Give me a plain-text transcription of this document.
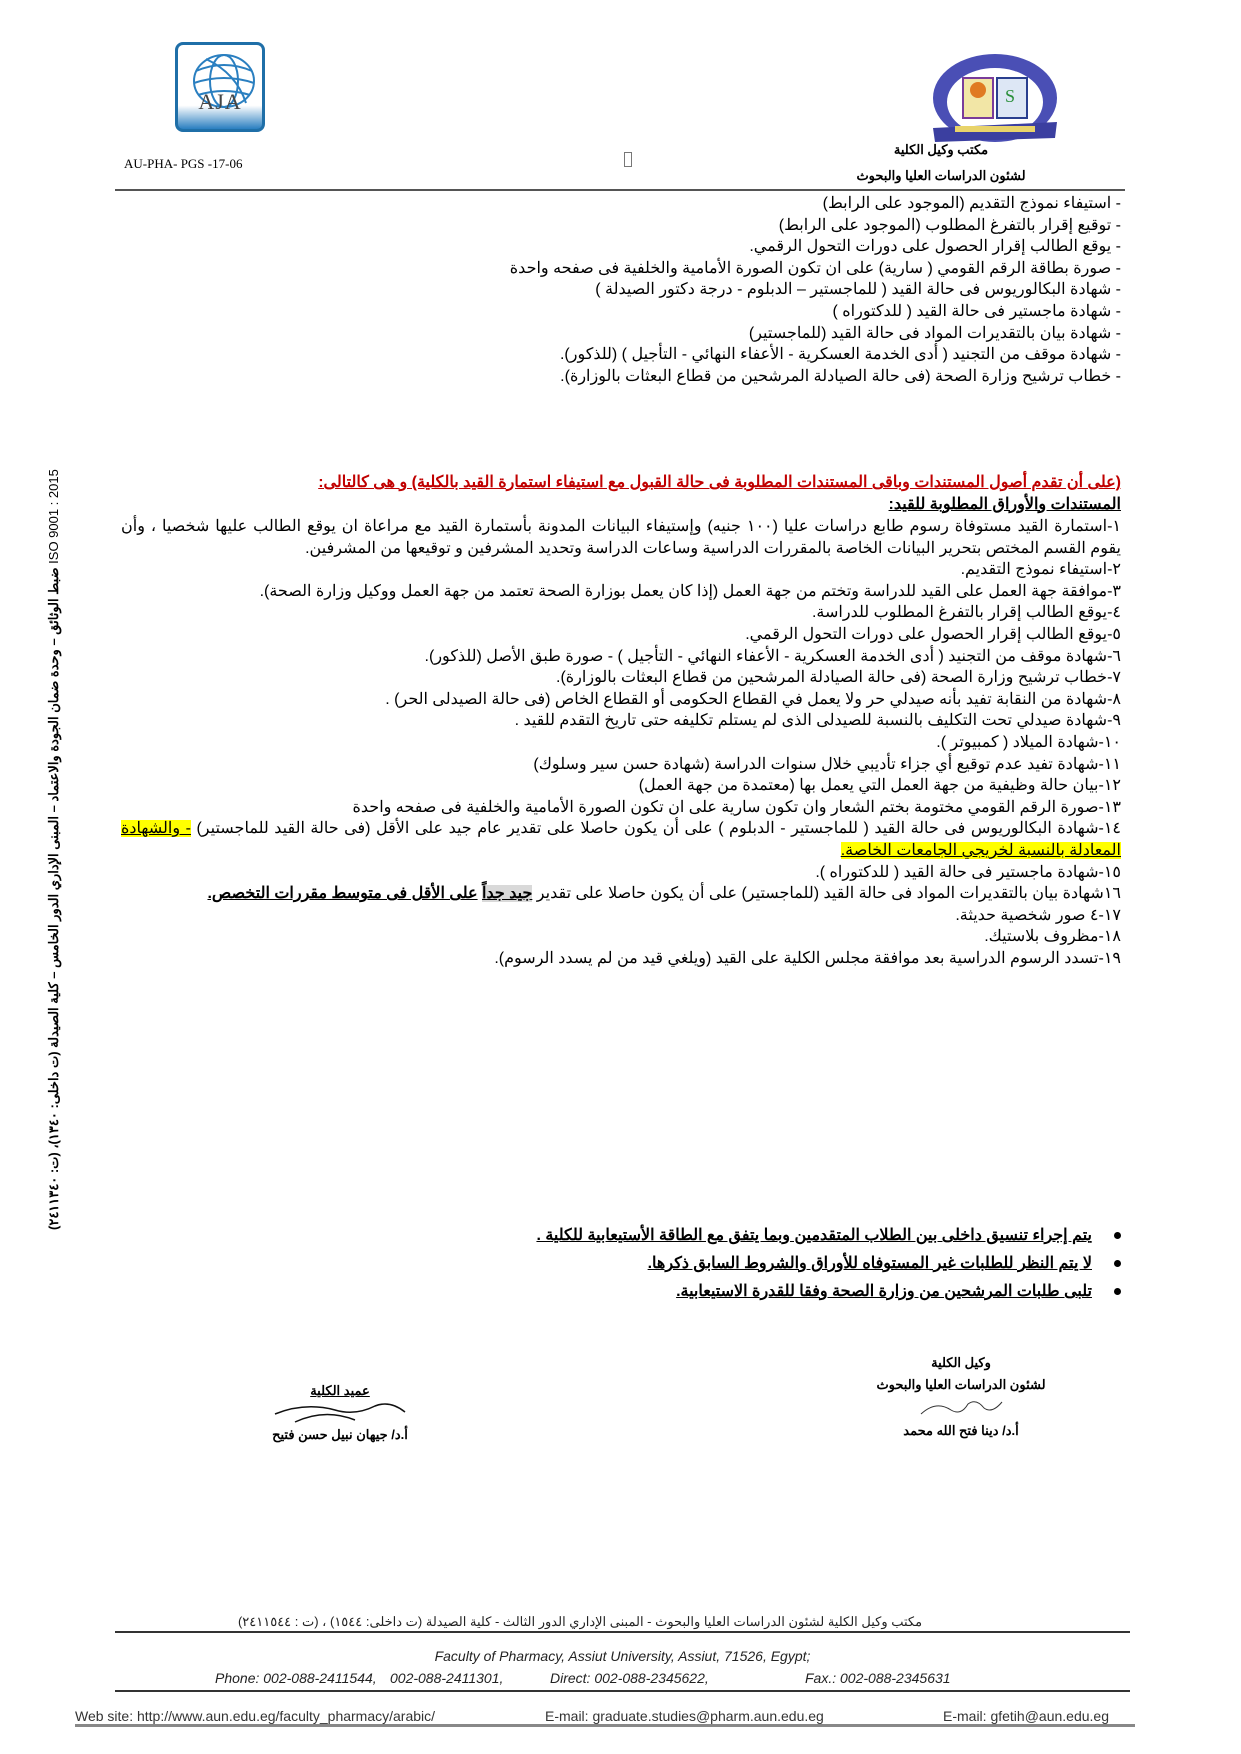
AJA
AU-PHA- PGS -17-06
S
مكتب وكيل الكلية
لشئون الدراسات العليا والبحوث
ISO 9001 : 2015 ضبط الوثائق – وحدة ضمان الجودة والاعتماد – المبنى الإداري الدور الخامس – كلية الصيدلة (ت داخلى: ١٣٤٠)، (ت: ٢٤١١٣٤٠)
- استيفاء نموذج التقديم (الموجود على الرابط)
- توقيع إقرار بالتفرغ المطلوب (الموجود على الرابط)
- يوقع الطالب إقرار الحصول على دورات التحول الرقمي.
- صورة بطاقة الرقم القومي ( سارية) على ان تكون الصورة الأمامية والخلفية فى صفحه واحدة
- شهادة البكالوريوس فى حالة القيد ( للماجستير – الدبلوم - درجة دكتور الصيدلة )
- شهادة ماجستير فى حالة القيد ( للدكتوراه )
- شهادة بيان بالتقديرات المواد فى حالة القيد (للماجستير)
- شهادة موقف من التجنيد ( أدى الخدمة العسكرية - الأعفاء النهائي - التأجيل ) (للذكور).
- خطاب ترشيح وزارة الصحة (فى حالة الصيادلة المرشحين من قطاع البعثات بالوزارة).
(على أن تقدم أصول المستندات وباقى المستندات المطلوبة فى حالة القبول مع استيفاء استمارة القيد بالكلية) و هى كالتالى:
المستندات والأوراق المطلوبة للقيد:
١-استمارة القيد مستوفاة رسوم طابع دراسات عليا (١٠٠ جنيه) وإستيفاء البيانات المدونة بأستمارة القيد مع مراعاة ان يوقع الطالب عليها شخصيا ، وأن يقوم القسم المختص بتحرير البيانات الخاصة بالمقررات الدراسية وساعات الدراسة وتحديد المشرفين و توقيعها من المشرفين.
٢-استيفاء نموذج التقديم.
٣-موافقة جهة العمل على القيد للدراسة وتختم من جهة العمل (إذا كان يعمل بوزارة الصحة تعتمد من جهة العمل ووكيل وزارة الصحة).
٤-يوقع الطالب إقرار بالتفرغ المطلوب للدراسة.
٥-يوقع الطالب إقرار الحصول على دورات التحول الرقمي.
٦-شهادة موقف من التجنيد ( أدى الخدمة العسكرية - الأعفاء النهائي - التأجيل ) - صورة طبق الأصل (للذكور).
٧-خطاب ترشيح وزارة الصحة (فى حالة الصيادلة المرشحين من قطاع البعثات بالوزارة).
٨-شهادة من النقابة تفيد بأنه صيدلي حر ولا يعمل في القطاع الحكومى أو القطاع الخاص (فى حالة الصيدلى الحر) .
٩-شهادة صيدلي تحت التكليف بالنسبة للصيدلى الذى لم يستلم تكليفه حتى تاريخ التقدم للقيد .
١٠-شهادة الميلاد ( كمبيوتر ).
١١-شهادة تفيد عدم توقيع أي جزاء تأديبي خلال سنوات الدراسة (شهادة حسن سير وسلوك)
١٢-بيان حالة وظيفية من جهة العمل التي يعمل بها (معتمدة من جهة العمل)
١٣-صورة الرقم القومي مختومة بختم الشعار وان تكون سارية على ان تكون الصورة الأمامية والخلفية فى صفحه واحدة
١٤-شهادة البكالوريوس فى حالة القيد ( للماجستير - الدبلوم ) على أن يكون حاصلا على تقدير عام جيد على الأقل (فى حالة القيد للماجستير) - والشهادة المعادلة بالنسبة لخريجي الجامعات الخاصة.
١٥-شهادة ماجستير فى حالة القيد ( للدكتوراه ).
١٦شهادة بيان بالتقديرات المواد فى حالة القيد (للماجستير) على أن يكون حاصلا على تقدير جيد جداً على الأقل فى متوسط مقررات التخصص.
١٧-٤ صور شخصية حديثة.
١٨-مظروف بلاستيك.
١٩-تسدد الرسوم الدراسية بعد موافقة مجلس الكلية على القيد (ويلغي قيد من لم يسدد الرسوم).
يتم إجراء تنسيق داخلى بين الطلاب المتقدمين وبما يتفق مع الطاقة الأستيعابية للكلية .
لا يتم النظر للطلبات غير المستوفاه للأوراق والشروط السابق ذكرها.
تلبى طلبات المرشحين من وزارة الصحة وفقا للقدرة الاستيعابية.
وكيل الكلية
لشئون الدراسات العليا والبحوث
أ.د/ دينا فتح الله محمد
عميد الكلية
أ.د/ جيهان نبيل حسن فتيح
مكتب وكيل الكلية لشئون الدراسات العليا والبحوث - المبنى الإداري الدور الثالث - كلية الصيدلة (ت داخلى: ١٥٤٤) ، (ت : ٢٤١١٥٤٤)
Faculty of Pharmacy, Assiut University, Assiut, 71526, Egypt;
Phone: 002-088-2411544, 002-088-2411301,	Direct: 002-088-2345622,	Fax.: 002-088-2345631
Web site: http://www.aun.edu.eg/faculty_pharmacy/arabic/	E-mail: graduate.studies@pharm.aun.edu.eg	E-mail: gfetih@aun.edu.eg
